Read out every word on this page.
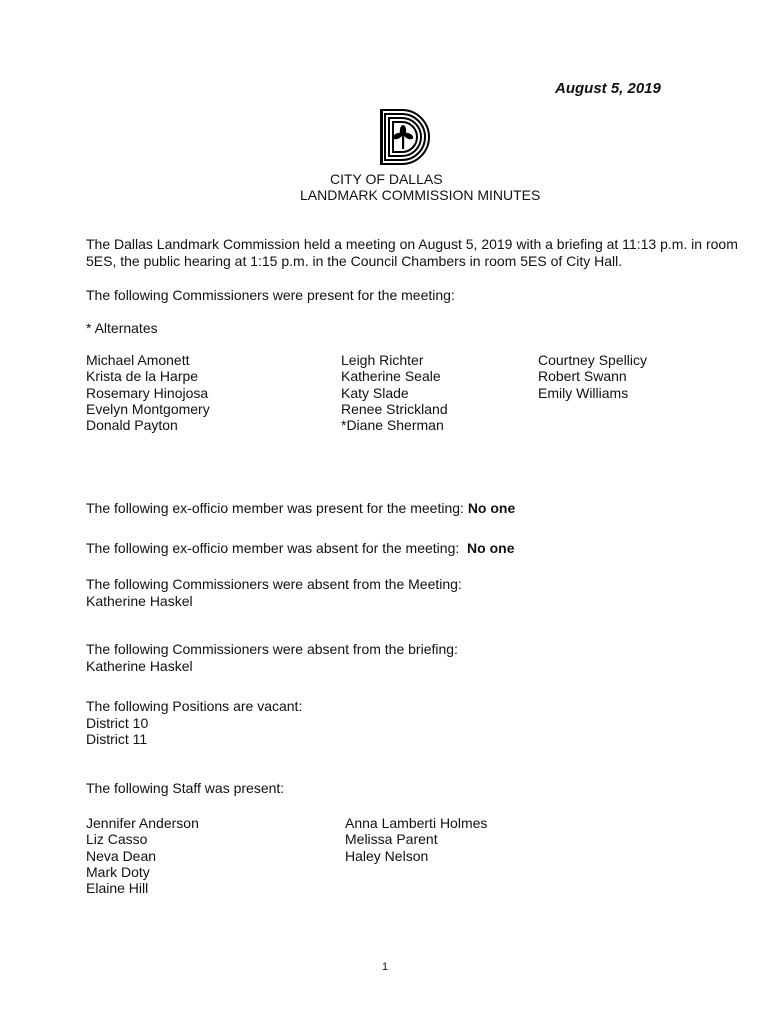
August 5, 2019
CITY OF DALLAS
LANDMARK COMMISSION MINUTES
The Dallas Landmark Commission held a meeting on August 5, 2019 with a briefing at 11:13 p.m. in room
5ES, the public hearing at 1:15 p.m. in the Council Chambers in room 5ES of City Hall.
The following Commissioners were present for the meeting:
* Alternates
Michael Amonett
Krista de la Harpe
Rosemary Hinojosa
Evelyn Montgomery
Donald Payton
Leigh Richter
Katherine Seale
Katy Slade
Renee Strickland
*Diane Sherman
Courtney Spellicy
Robert Swann
Emily Williams
The following ex-officio member was present for the meeting: No one
The following ex-officio member was absent for the meeting: No one
The following Commissioners were absent from the Meeting:
Katherine Haskel
The following Commissioners were absent from the briefing:
Katherine Haskel
The following Positions are vacant:
District 10
District 11
The following Staff was present:
Jennifer Anderson
Liz Casso
Neva Dean
Mark Doty
Elaine Hill
Anna Lamberti Holmes
Melissa Parent
Haley Nelson
1
